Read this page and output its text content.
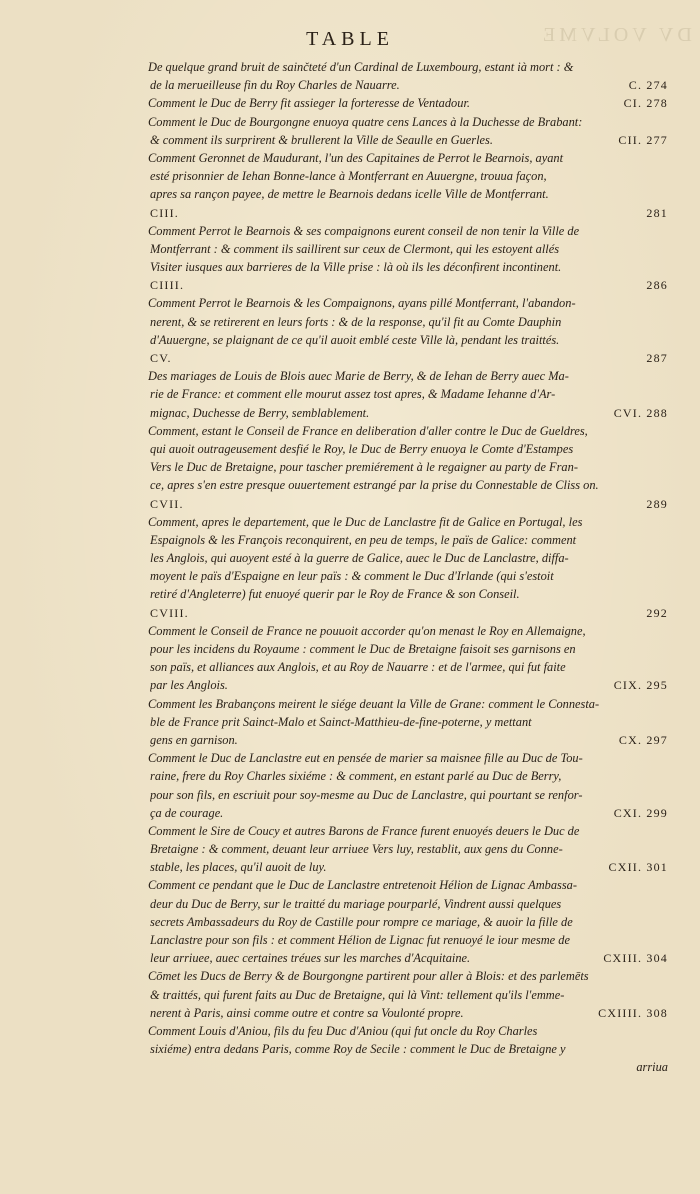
DV VOLVME
TABLE
De quelque grand bruit de sainčteté d'un Cardinal de Luxembourg, estant ià mort : &
de la merueilleuse fin du Roy Charles de Nauarre.	C. 274
Comment le Duc de Berry fit assieger la forteresse de Ventadour.	CI. 278
Comment le Duc de Bourgongne enuoya quatre cens Lances à la Duchesse de Brabant:
& comment ils surprirent & brullerent la Ville de Seaulle en Guerles.	CII. 277
Comment Geronnet de Maudurant, l'un des Capitaines de Perrot le Bearnois, ayant
esté prisonnier de Iehan Bonne-lance à Montferrant en Auuergne, trouua façon,
apres sa rançon payee, de mettre le Bearnois dedans icelle Ville de Montferrant.
CIII.	281
Comment Perrot le Bearnois & ses compaignons eurent conseil de non tenir la Ville de
Montferrant : & comment ils saillirent sur ceux de Clermont, qui les estoyent allés
Visiter iusques aux barrieres de la Ville prise : là où ils les déconfirent incontinent.
CIIII.	286
Comment Perrot le Bearnois & les Compaignons, ayans pillé Montferrant, l'abandon-
nerent, & se retirerent en leurs forts : & de la response, qu'il fit au Comte Dauphin
d'Auuergne, se plaignant de ce qu'il auoit emblé ceste Ville là, pendant les traittés.
CV.	287
Des mariages de Louis de Blois auec Marie de Berry, & de Iehan de Berry auec Ma-
rie de France: et comment elle mourut assez tost apres, & Madame Iehanne d'Ar-
mignac, Duchesse de Berry, semblablement.	CVI. 288
Comment, estant le Conseil de France en deliberation d'aller contre le Duc de Gueldres,
qui auoit outrageusement desfié le Roy, le Duc de Berry enuoya le Comte d'Estampes
Vers le Duc de Bretaigne, pour tascher premiérement à le regaigner au party de Fran-
ce, apres s'en estre presque ouuertement estrangé par la prise du Connestable de Cliss on.
CVII.	289
Comment, apres le departement, que le Duc de Lanclastre fit de Galice en Portugal, les
Espaignols & les François reconquirent, en peu de temps, le païs de Galice: comment
les Anglois, qui auoyent esté à la guerre de Galice, auec le Duc de Lanclastre, diffa-
moyent le païs d'Espaigne en leur païs : & comment le Duc d'Irlande (qui s'estoit
retiré d'Angleterre) fut enuoyé querir par le Roy de France & son Conseil.
CVIII.	292
Comment le Conseil de France ne pouuoit accorder qu'on menast le Roy en Allemaigne,
pour les incidens du Royaume : comment le Duc de Bretaigne faisoit ses garnisons en
son païs, et alliances aux Anglois, et au Roy de Nauarre : et de l'armee, qui fut faite
par les Anglois.	CIX. 295
Comment les Brabançons meirent le siége deuant la Ville de Grane: comment le Connesta-
ble de France prit Sainct-Malo et Sainct-Matthieu-de-fine-poterne, y mettant
gens en garnison.	CX. 297
Comment le Duc de Lanclastre eut en pensée de marier sa maisnee fille au Duc de Tou-
raine, frere du Roy Charles sixiéme : & comment, en estant parlé au Duc de Berry,
pour son fils, en escriuit pour soy-mesme au Duc de Lanclastre, qui pourtant se renfor-
ça de courage.	CXI. 299
Comment le Sire de Coucy et autres Barons de France furent enuoyés deuers le Duc de
Bretaigne : & comment, deuant leur arriuee Vers luy, restablit, aux gens du Conne-
stable, les places, qu'il auoit de luy.	CXII. 301
Comment ce pendant que le Duc de Lanclastre entretenoit Hélion de Lignac Ambassa-
deur du Duc de Berry, sur le traitté du mariage pourparlé, Vindrent aussi quelques
secrets Ambassadeurs du Roy de Castille pour rompre ce mariage, & auoir la fille de
Lanclastre pour son fils : et comment Hélion de Lignac fut renuoyé le iour mesme de
leur arriuee, auec certaines tréues sur les marches d'Acquitaine.	CXIII. 304
Cōmet les Ducs de Berry & de Bourgongne partirent pour aller à Blois: et des parlemēts
& traittés, qui furent faits au Duc de Bretaigne, qui là Vint: tellement qu'ils l'emme-
nerent à Paris, ainsi comme outre et contre sa Voulonté propre.	CXIIII. 308
Comment Louis d'Aniou, fils du feu Duc d'Aniou (qui fut oncle du Roy Charles
sixiéme) entra dedans Paris, comme Roy de Secile : comment le Duc de Bretaigne y
arriua
